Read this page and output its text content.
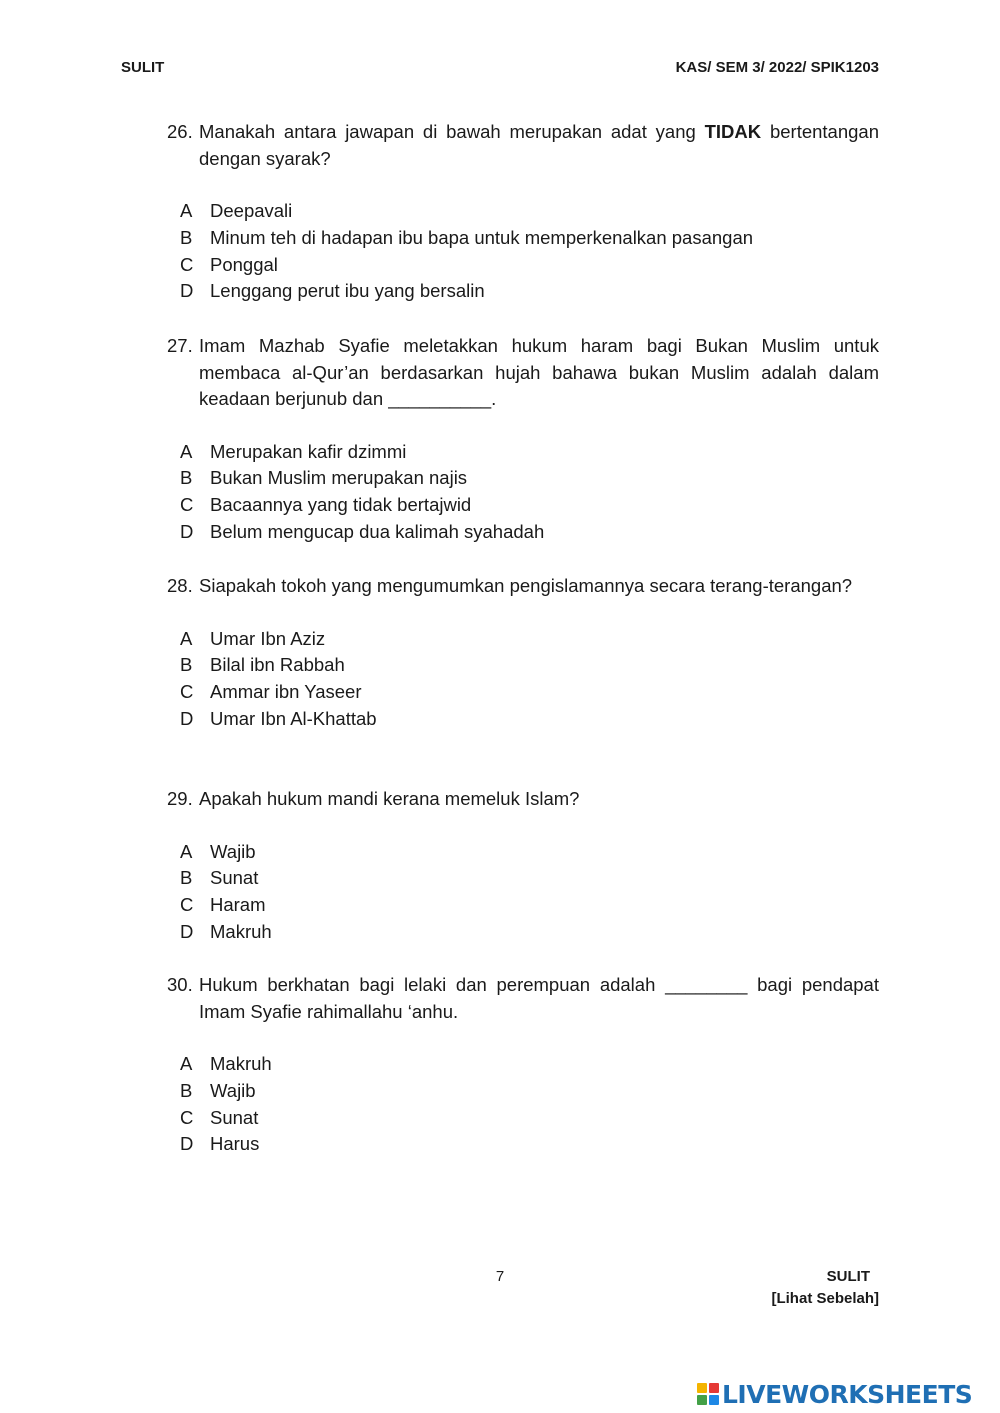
SULIT	KAS/ SEM 3/ 2022/ SPIK1203
26. Manakah antara jawapan di bawah merupakan adat yang TIDAK bertentangan dengan syarak?
A Deepavali
B Minum teh di hadapan ibu bapa untuk memperkenalkan pasangan
C Ponggal
D Lenggang perut ibu yang bersalin
27. Imam Mazhab Syafie meletakkan hukum haram bagi Bukan Muslim untuk membaca al-Qur’an berdasarkan hujah bahawa bukan Muslim adalah dalam keadaan berjunub dan __________.
A Merupakan kafir dzimmi
B Bukan Muslim merupakan najis
C Bacaannya yang tidak bertajwid
D Belum mengucap dua kalimah syahadah
28. Siapakah tokoh yang mengumumkan pengislamannya secara terang-terangan?
A Umar Ibn Aziz
B Bilal ibn Rabbah
C Ammar ibn Yaseer
D Umar Ibn Al-Khattab
29. Apakah hukum mandi kerana memeluk Islam?
A Wajib
B Sunat
C Haram
D Makruh
30. Hukum berkhatan bagi lelaki dan perempuan adalah ________ bagi pendapat Imam Syafie rahimallahu ‘anhu.
A Makruh
B Wajib
C Sunat
D Harus
7	SULIT
[Lihat Sebelah]
LIVEWORKSHEETS
